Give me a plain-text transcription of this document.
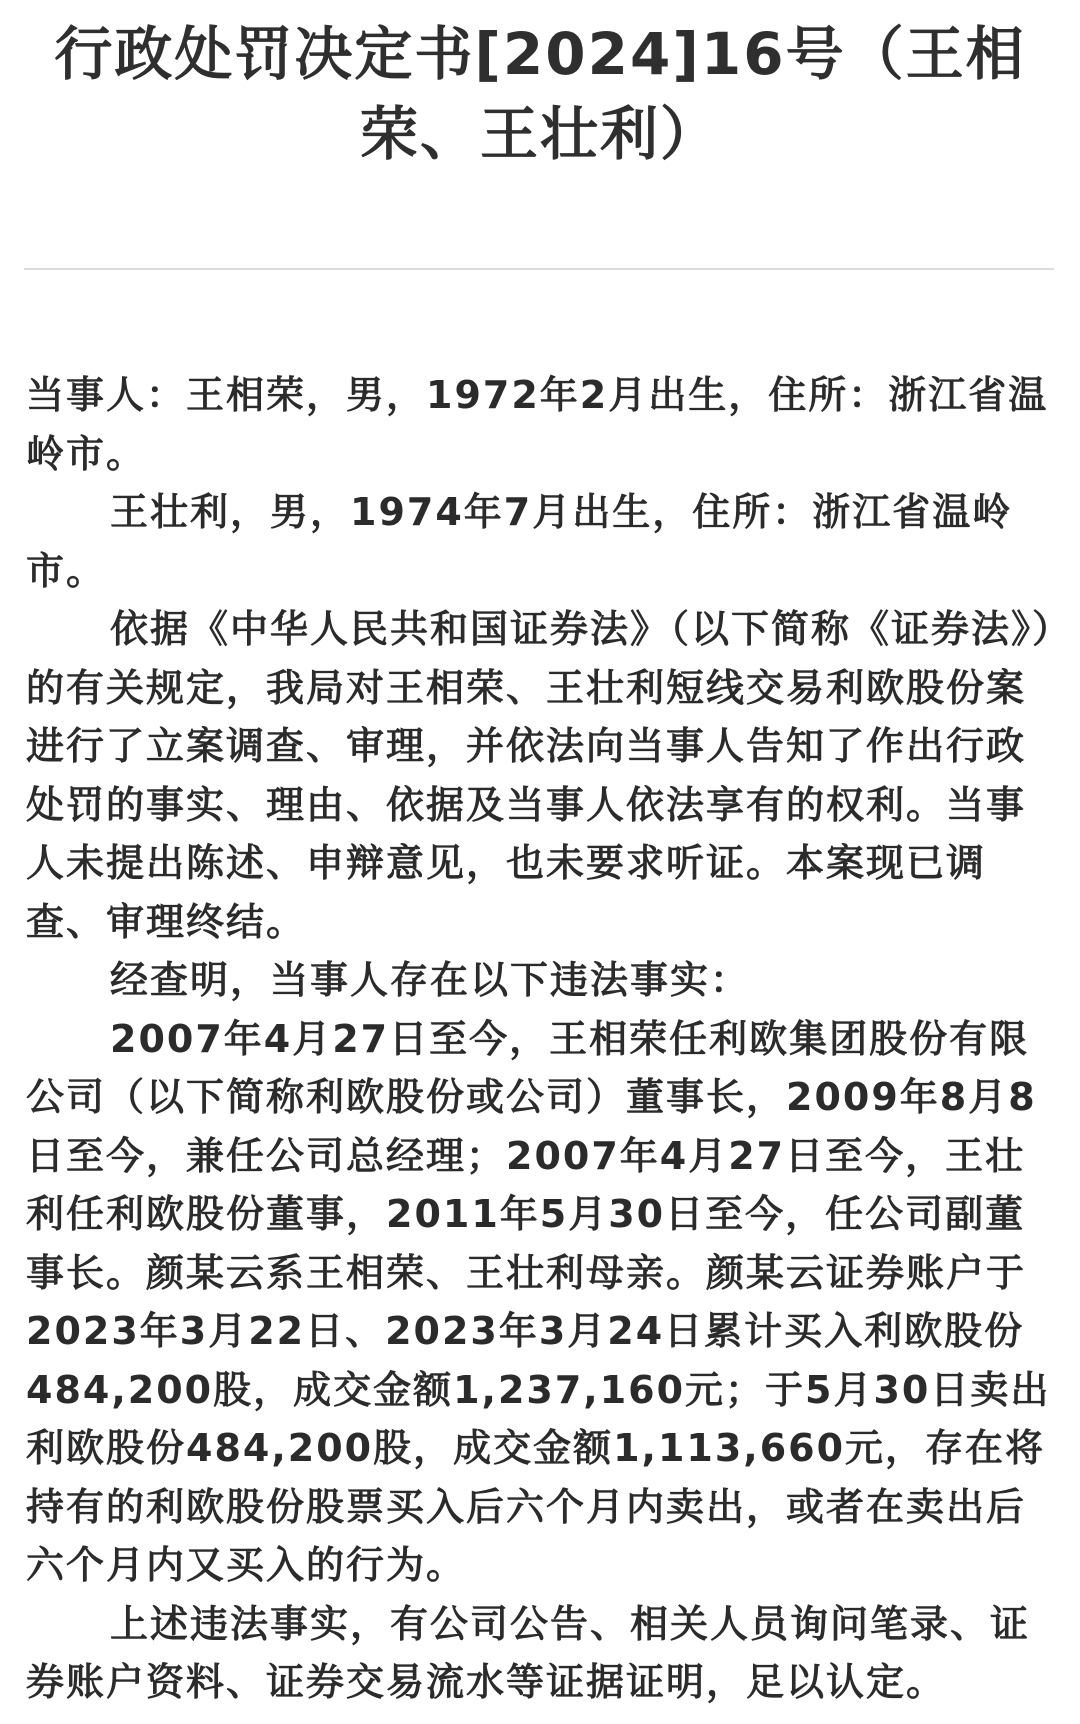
行政处罚决定书[2024]16号（王相荣、王壮利）

当事人：王相荣，男，1972年2月出生，住所：浙江省温岭市。

王壮利，男，1974年7月出生，住所：浙江省温岭市。

依据《中华人民共和国证券法》（以下简称《证券法》）的有关规定，我局对王相荣、王壮利短线交易利欧股份案进行了立案调查、审理，并依法向当事人告知了作出行政处罚的事实、理由、依据及当事人依法享有的权利。当事人未提出陈述、申辩意见，也未要求听证。本案现已调查、审理终结。

经查明，当事人存在以下违法事实：

2007年4月27日至今，王相荣任利欧集团股份有限公司（以下简称利欧股份或公司）董事长，2009年8月8日至今，兼任公司总经理；2007年4月27日至今，王壮利任利欧股份董事，2011年5月30日至今，任公司副董事长。颜某云系王相荣、王壮利母亲。颜某云证券账户于2023年3月22日、2023年3月24日累计买入利欧股份484,200股，成交金额1,237,160元；于5月30日卖出利欧股份484,200股，成交金额1,113,660元，存在将持有的利欧股份股票买入后六个月内卖出，或者在卖出后六个月内又买入的行为。

上述违法事实，有公司公告、相关人员询问笔录、证券账户资料、证券交易流水等证据证明，足以认定。
